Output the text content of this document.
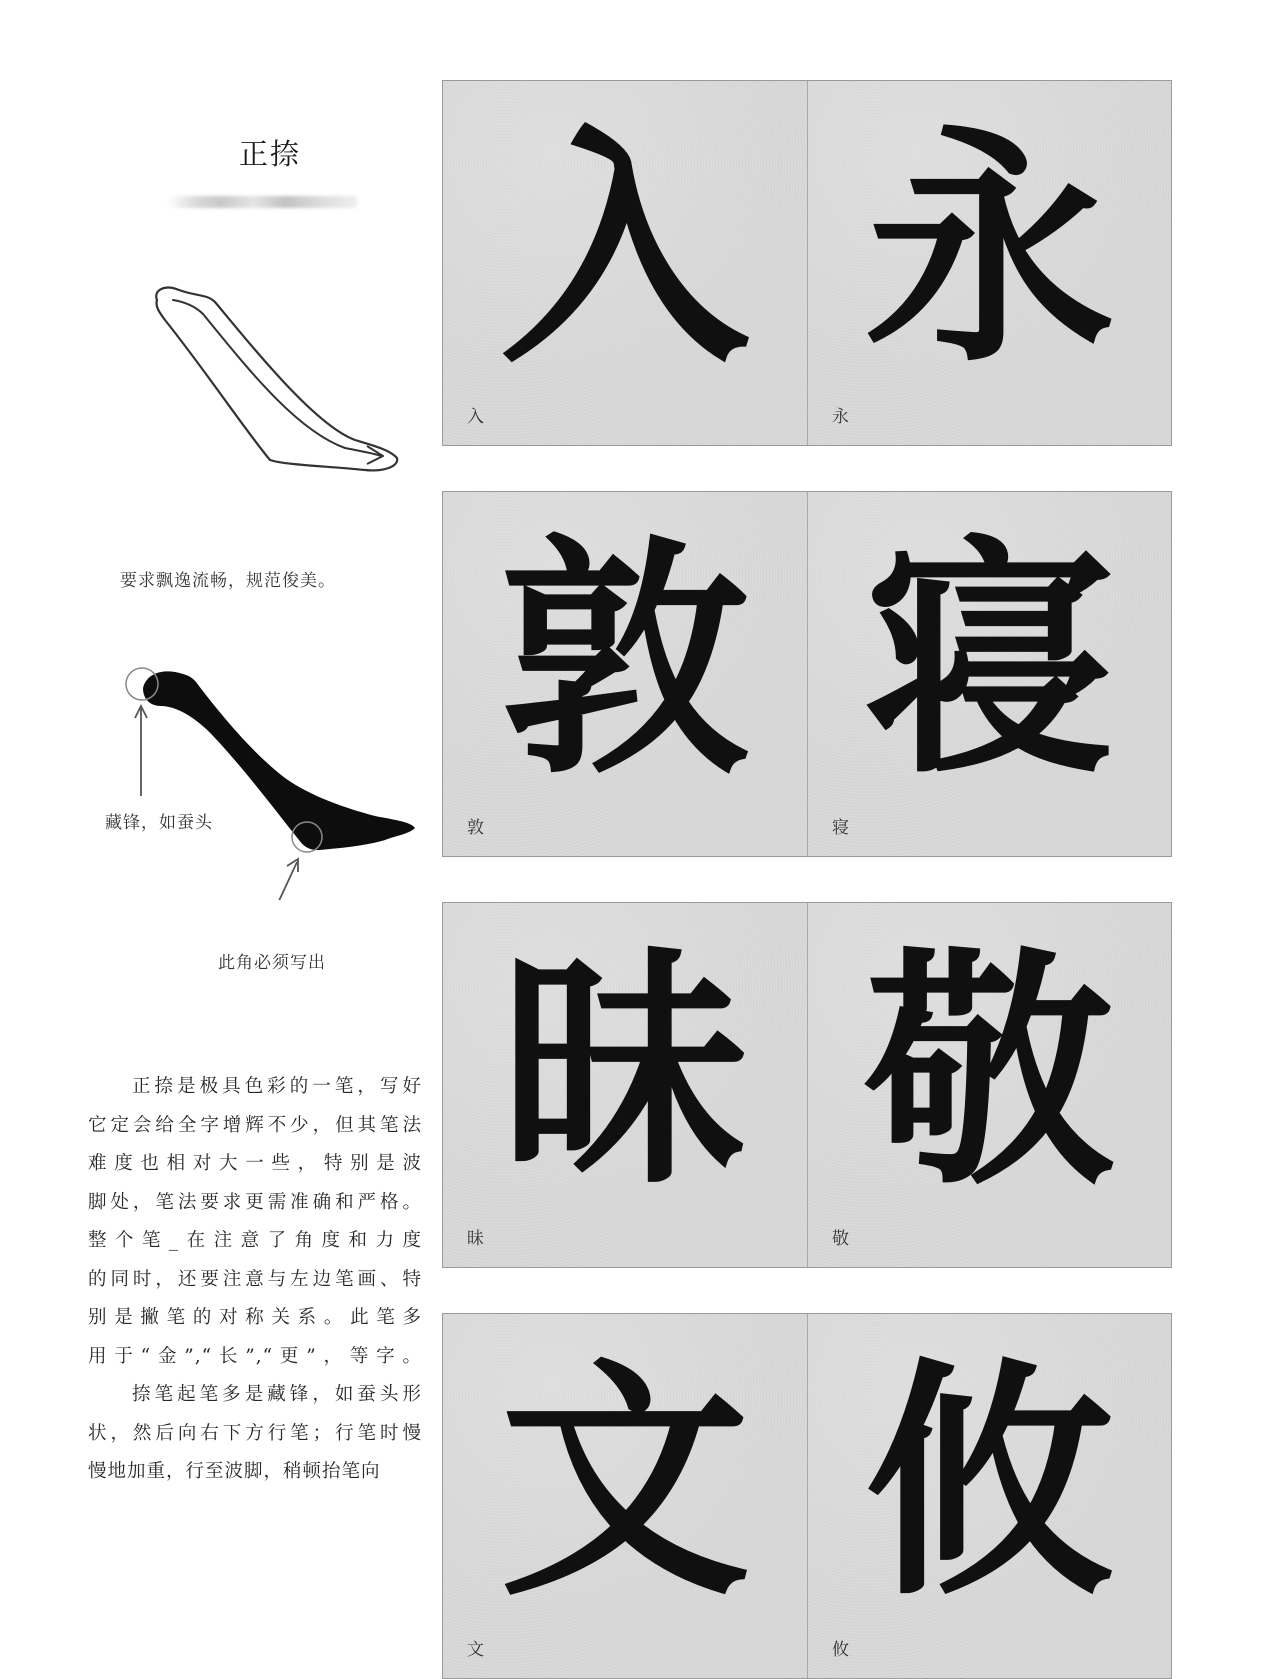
正捺
要求飘逸流畅，规范俊美。
藏锋，如蚕头
此角必须写出
正捺是极具色彩的一笔，写好
它定会给全字增辉不少，但其笔法
难度也相对大一些，特别是波
脚处，笔法要求更需准确和严格。
整个笔_在注意了角度和力度
的同时，还要注意与左边笔画、特
别是撇笔的对称关系。此笔多
用于“金”,“长”,“更”，等字。
捺笔起笔多是藏锋，如蚕头形
状，然后向右下方行笔；行笔时慢
慢地加重，行至波脚，稍顿抬笔向
入
入
永
永
敦
敦
寝
寝
昧
昧
敬
敬
文
文
攸
攸
